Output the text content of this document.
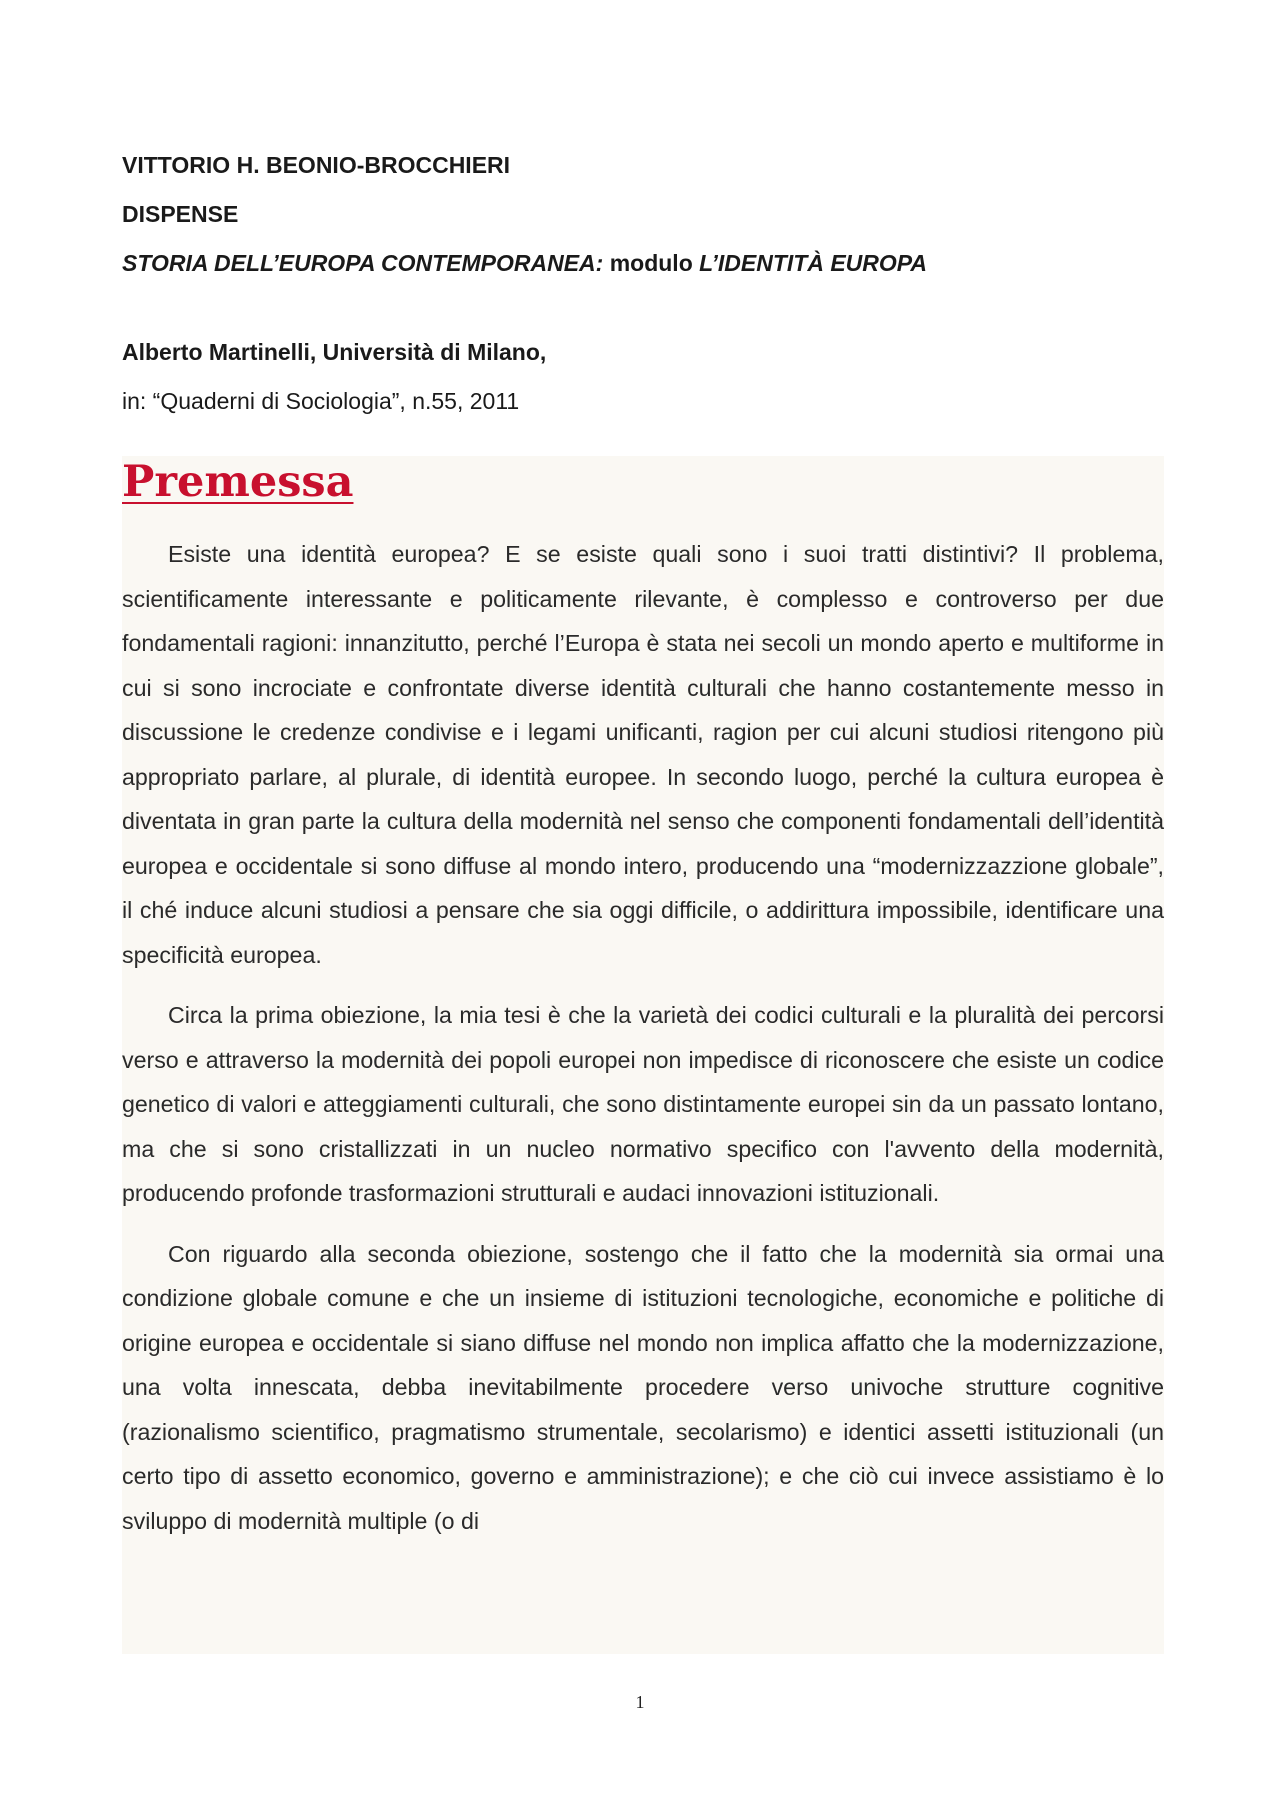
VITTORIO H. BEONIO-BROCCHIERI

DISPENSE

STORIA DELL’EUROPA CONTEMPORANEA: modulo L’IDENTITÀ EUROPA

Alberto Martinelli, Università di Milano,

in: “Quaderni di Sociologia”, n.55, 2011

Premessa

Esiste una identità europea? E se esiste quali sono i suoi tratti distintivi? Il problema, scientificamente interessante e politicamente rilevante, è complesso e controverso per due fondamentali ragioni: innanzitutto, perché l’Europa è stata nei secoli un mondo aperto e multiforme in cui si sono incrociate e confrontate diverse identità culturali che hanno costantemente messo in discussione le credenze condivise e i legami unificanti, ragion per cui alcuni studiosi ritengono più appropriato parlare, al plurale, di identità europee. In secondo luogo, perché la cultura europea è diventata in gran parte la cultura della modernità nel senso che componenti fondamentali dell’identità europea e occidentale si sono diffuse al mondo intero, producendo una “modernizzazzione globale”, il ché induce alcuni studiosi a pensare che sia oggi difficile, o addirittura impossibile, identificare una specificità europea.

Circa la prima obiezione, la mia tesi è che la varietà dei codici culturali e la pluralità dei percorsi verso e attraverso la modernità dei popoli europei non impedisce di riconoscere che esiste un codice genetico di valori e atteggiamenti culturali, che sono distintamente europei sin da un passato lontano, ma che si sono cristallizzati in un nucleo normativo specifico con l'avvento della modernità, producendo profonde trasformazioni strutturali e audaci innovazioni istituzionali.

Con riguardo alla seconda obiezione, sostengo che il fatto che la modernità sia ormai una condizione globale comune e che un insieme di istituzioni tecnologiche, economiche e politiche di origine europea e occidentale si siano diffuse nel mondo non implica affatto che la modernizzazione, una volta innescata, debba inevitabilmente procedere verso univoche strutture cognitive (razionalismo scientifico, pragmatismo strumentale, secolarismo) e identici assetti istituzionali (un certo tipo di assetto economico, governo e amministrazione); e che ciò cui invece assistiamo è lo sviluppo di modernità multiple (o di

1
